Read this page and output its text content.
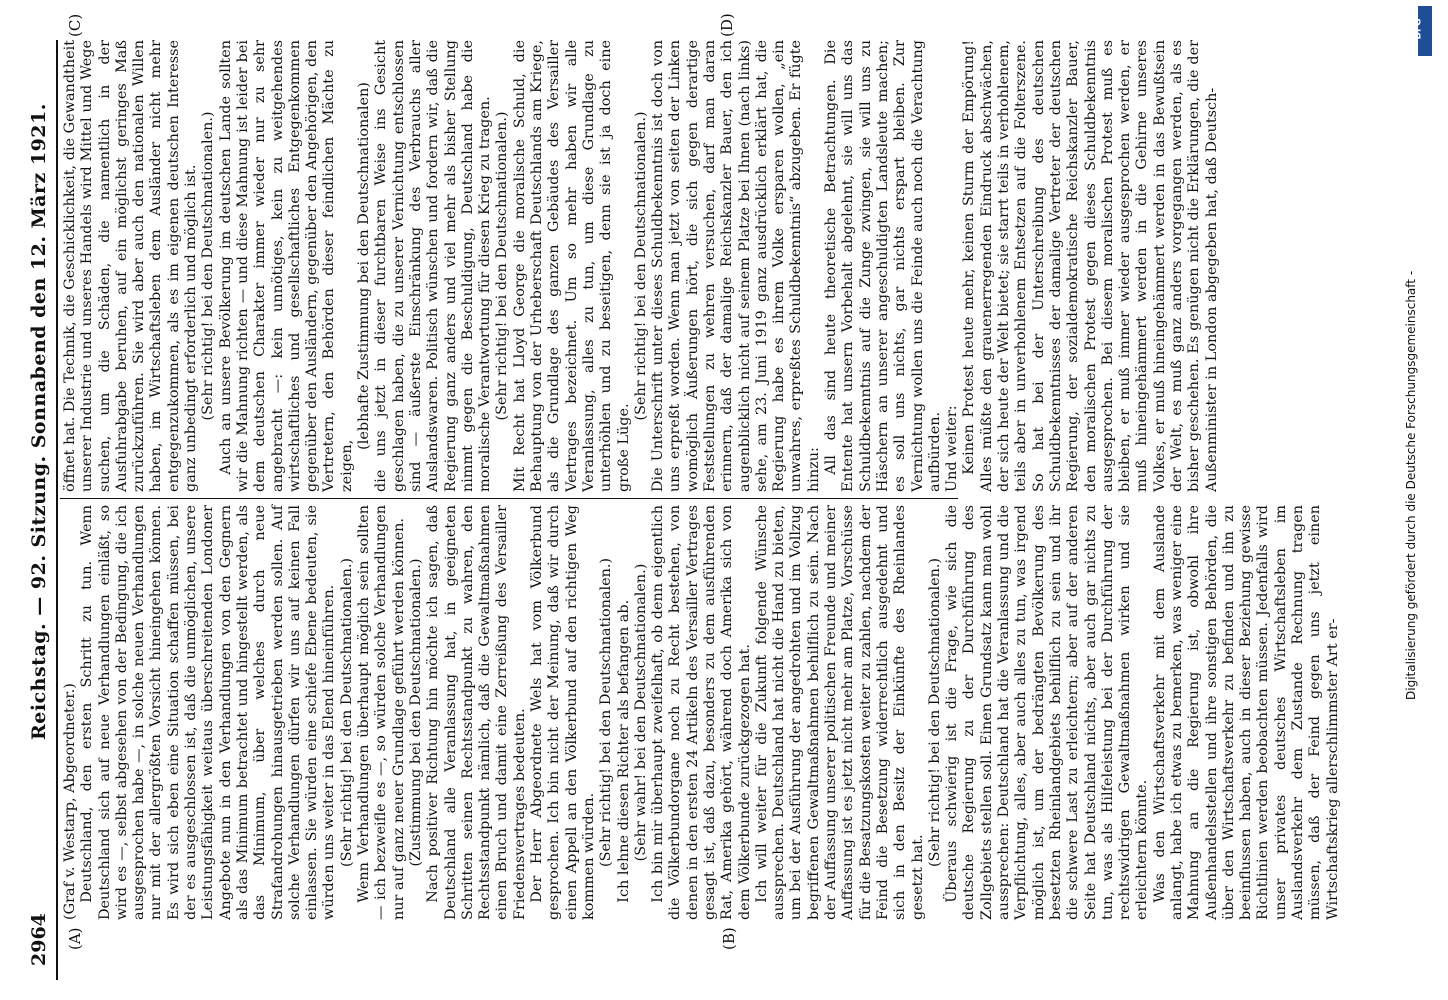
2964
Reichstag. — 92. Sitzung. Sonnabend den 12. März 1921.
(A)	(B)
(C)	(D)

(Graf v. Westarp, Abgeordneter.) Deutschland, den ersten Schritt zu tun. Wenn Deutschland sich auf neue Verhandlungen einläßt, so wird es —, selbst abgesehen von der Bedingung, die ich ausgesprochen habe —, in solche neuen Verhandlungen nur mit der allergrößten Vorsicht hineingehen können. Es wird sich eben eine Situation schaffen müssen, bei der es ausgeschlossen ist, daß die unmöglichen, unsere Leistungsfähigkeit weitaus überschreitenden Londoner Angebote nun in den Verhandlungen von den Gegnern als das Minimum betrachtet und hingestellt werden, als das Minimum, über welches durch neue Strafandrohungen hinausgetrieben werden sollen. Auf solche Verhandlungen dürfen wir uns auf keinen Fall einlassen. Sie würden eine schiefe Ebene bedeuten, sie würden uns weiter in das Elend hineinführen. (Sehr richtig! bei den Deutschnationalen.) Wenn Verhandlungen überhaupt möglich sein sollten — ich bezweifle es —, so würden solche Verhandlungen nur auf ganz neuer Grundlage geführt werden können. (Zustimmung bei den Deutschnationalen.) Nach positiver Richtung hin möchte ich sagen, daß Deutschland alle Veranlassung hat, in geeigneten Schritten seinen Rechtsstandpunkt zu wahren, den Rechtsstandpunkt nämlich, daß die Gewaltmaßnahmen einen Bruch und damit eine Zerreißung des Versailler Friedensvertrages bedeuten. Der Herr Abgeordnete Wels hat vom Völkerbund gesprochen. Ich bin nicht der Meinung, daß wir durch einen Appell an den Völkerbund auf den richtigen Weg kommen würden. (Sehr richtig! bei den Deutschnationalen.) Ich lehne diesen Richter als befangen ab. (Sehr wahr! bei den Deutschnationalen.) Ich bin mir überhaupt zweifelhaft, ob denn eigentlich die Völkerbundorgane noch zu Recht bestehen, von denen in den ersten 24 Artikeln des Versailler Vertrages gesagt ist, daß dazu, besonders zu dem ausführenden Rat, Amerika gehört, während doch Amerika sich von dem Völkerbunde zurückgezogen hat. Ich will weiter für die Zukunft folgende Wünsche aussprechen. Deutschland hat nicht die Hand zu bieten, um bei der Ausführung der angedrohten und im Vollzug begriffenen Gewaltmaßnahmen behilflich zu sein. Nach der Auffassung unserer politischen Freunde und meiner Auffassung ist es jetzt nicht mehr am Platze, Vorschüsse für die Besatzungskosten weiter zu zahlen, nachdem der Feind die Besetzung widerrechtlich ausgedehnt und sich in den Besitz der Einkünfte des Rheinlandes gesetzt hat.

(Sehr richtig! bei den Deutschnationalen.) Überaus schwierig ist die Frage, wie sich die deutsche Regierung zu der Durchführung des Zollgebiets stellen soll. Einen Grundsatz kann man wohl aussprechen: Deutschland hat die Veranlassung und die Verpflichtung, alles, aber auch alles zu tun, was irgend möglich ist, um der bedrängten Bevölkerung des besetzten Rheinlandgebiets behilflich zu sein und ihr die schwere Last zu erleichtern; aber auf der anderen Seite hat Deutschland nichts, aber auch gar nichts zu tun, was als Hilfeleistung bei der Durchführung der rechtswidrigen Gewaltmaßnahmen wirken und sie erleichtern könnte. Was den Wirtschaftsverkehr mit dem Auslande anlangt, habe ich etwas zu bemerken, was weniger eine Mahnung an die Regierung ist, obwohl ihre Außenhandelsstellen und ihre sonstigen Behörden, die über den Wirtschaftsverkehr zu befinden und ihn zu beeinflussen haben, auch in dieser Beziehung gewisse Richtlinien werden beobachten müssen. Jedenfalls wird unser privates deutsches Wirtschaftsleben im Auslandsverkehr dem Zustande Rechnung tragen müssen, daß der Feind gegen uns jetzt einen Wirtschaftskrieg allerschlimmster Art er-

öffnet hat. Die Technik, die Geschicklichkeit, die Gewandtheit unserer Industrie und unseres Handels wird Mittel und Wege suchen, um die Schäden, die namentlich in der Ausfuhrabgabe beruhen, auf ein möglichst geringes Maß zurückzuführen. Sie wird aber auch den nationalen Willen haben, im Wirtschaftsleben dem Ausländer nicht mehr entgegenzukommen, als es im eigenen deutschen Interesse ganz unbedingt erforderlich und möglich ist. (Sehr richtig! bei den Deutschnationalen.) Auch an unsere Bevölkerung im deutschen Lande sollten wir die Mahnung richten — und diese Mahnung ist leider bei dem deutschen Charakter immer wieder nur zu sehr angebracht —: kein unnötiges, kein zu weitgehendes wirtschaftliches und gesellschaftliches Entgegenkommen gegenüber den Ausländern, gegenüber den Angehörigen, den Vertretern, den Behörden dieser feindlichen Mächte zu zeigen,

(lebhafte Zustimmung bei den Deutschnationalen) die uns jetzt in dieser furchtbaren Weise ins Gesicht geschlagen haben, die zu unserer Vernichtung entschlossen sind — äußerste Einschränkung des Verbrauchs aller Auslandswaren. Politisch wünschen und fordern wir, daß die Regierung ganz anders und viel mehr als bisher Stellung nimmt gegen die Beschuldigung, Deutschland habe die moralische Verantwortung für diesen Krieg zu tragen. (Sehr richtig! bei den Deutschnationalen.) Mit Recht hat Lloyd George die moralische Schuld, die Behauptung von der Urheberschaft Deutschlands am Kriege, als die Grundlage des ganzen Gebäudes des Versailler Vertrages bezeichnet. Um so mehr haben wir alle Veranlassung, alles zu tun, um diese Grundlage zu unterhöhlen und zu beseitigen, denn sie ist ja doch eine große Lüge.

(Sehr richtig! bei den Deutschnationalen.) Die Unterschrift unter dieses Schuldbekenntnis ist doch von uns erpreßt worden. Wenn man jetzt von seiten der Linken womöglich Äußerungen hört, die sich gegen derartige Feststellungen zu wehren versuchen, darf man daran erinnern, daß der damalige Reichskanzler Bauer, den ich augenblicklich nicht auf seinem Platze bei Ihnen (nach links) sehe, am 23. Juni 1919 ganz ausdrücklich erklärt hat, die Regierung habe es ihrem Volke ersparen wollen, „ein unwahres, erpreßtes Schuldbekenntnis“ abzugeben. Er fügte hinzu: All das sind heute theoretische Betrachtungen. Die Entente hat unsern Vorbehalt abgelehnt, sie will uns das Schuldbekenntnis auf die Zunge zwingen, sie will uns zu Häschern an unserer angeschuldigten Landsleute machen; es soll uns nichts, gar nichts erspart bleiben. Zur Vernichtung wollen uns die Feinde auch noch die Verachtung aufbürden. Und weiter: Keinen Protest heute mehr, keinen Sturm der Empörung! Alles müßte den grauenerregenden Eindruck abschwächen, der sich heute der Welt bietet; sie starrt teils in verhohlenem, teils aber in unverhohlenem Entsetzen auf die Folterszene. So hat bei der Unterschreibung des deutschen Schuldbekenntnisses der damalige Vertreter der deutschen Regierung, der sozialdemokratische Reichskanzler Bauer, den moralischen Protest gegen dieses Schuldbekenntnis ausgesprochen. Bei diesem moralischen Protest muß es bleiben, er muß immer wieder ausgesprochen werden, er muß hineingehämmert werden in die Gehirne unseres Volkes, er muß hineingehämmert werden in das Bewußtsein der Welt, es muß ganz anders vorgegangen werden, als es bisher geschehen. Es genügen nicht die Erklärungen, die der Außenminister in London abgegeben hat, daß Deutsch-	Digitalisierung gefördert durch die Deutsche Forschungsgemeinschaft -
DFG
